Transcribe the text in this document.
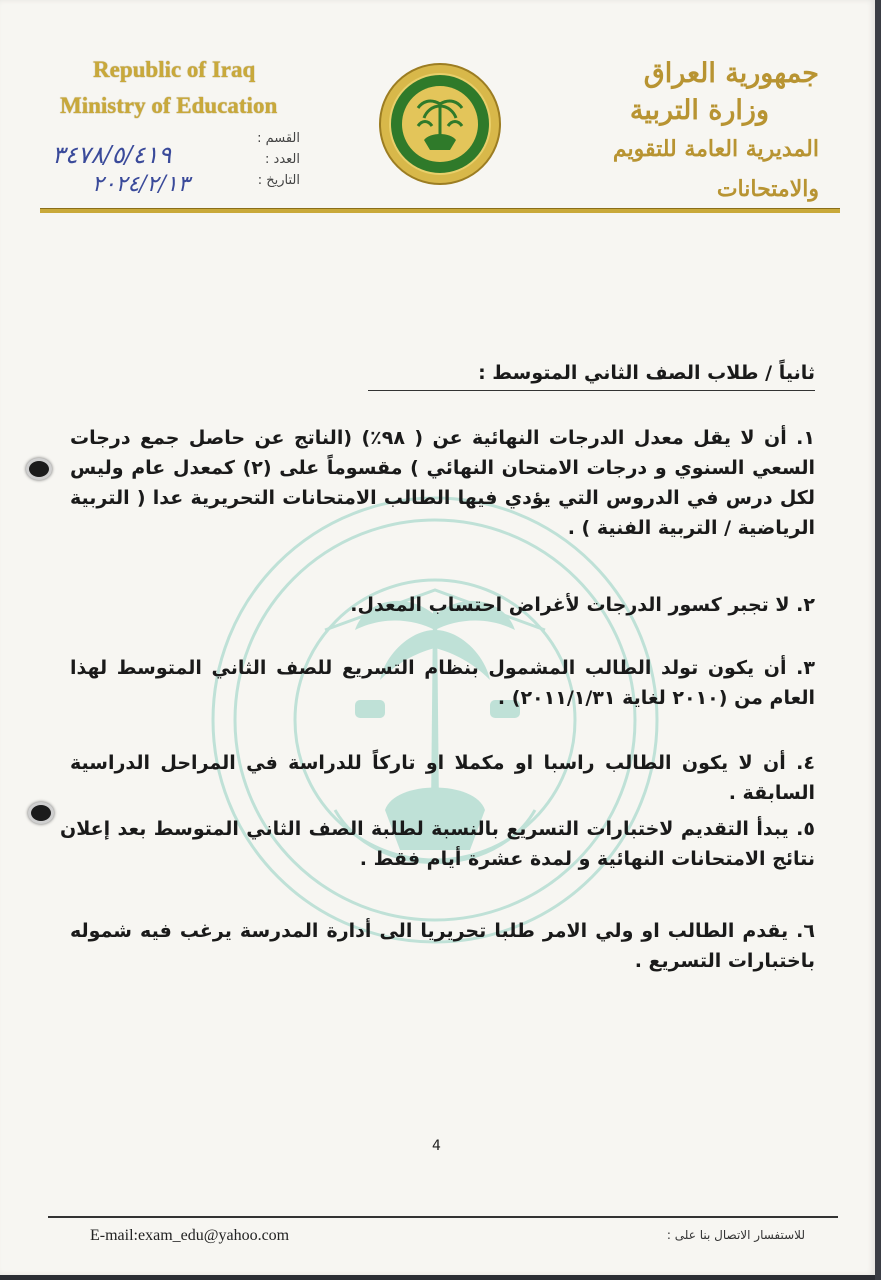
Republic of Iraq
Ministry of Education
جمهورية العراق
وزارة التربية
المديرية العامة للتقويم والامتحانات
القسم :
العدد :
التاريخ :
٣٤٧٨/٥/٤١٩
٢٠٢٤/٢/١٣
ثانياً / طلاب الصف الثاني المتوسط :
١. أن لا يقل معدل الدرجات النهائية عن ( ٩٨٪) (الناتج عن حاصل جمع درجات السعي السنوي و درجات الامتحان النهائي ) مقسوماً على (٢) كمعدل عام وليس لكل درس في الدروس التي يؤدي فيها الطالب الامتحانات التحريرية عدا ( التربية الرياضية / التربية الفنية ) .
٢. لا تجبر كسور الدرجات لأغراض احتساب المعدل.
٣. أن يكون تولد الطالب المشمول بنظام التسريع للصف الثاني المتوسط لهذا العام من (٢٠١٠ لغاية ٢٠١١/١/٣١) .
٤. أن لا يكون الطالب راسبا او مكملا او تاركاً للدراسة في المراحل الدراسية السابقة .
٥. يبدأ التقديم لاختبارات التسريع بالنسبة لطلبة الصف الثاني المتوسط بعد إعلان نتائج الامتحانات النهائية و لمدة عشرة أيام فقط .
٦. يقدم الطالب او ولي الامر طلبا تحريريا الى أدارة المدرسة يرغب فيه شموله باختبارات التسريع .
4
E-mail:exam_edu@yahoo.com	للاستفسار الاتصال بنا على :
